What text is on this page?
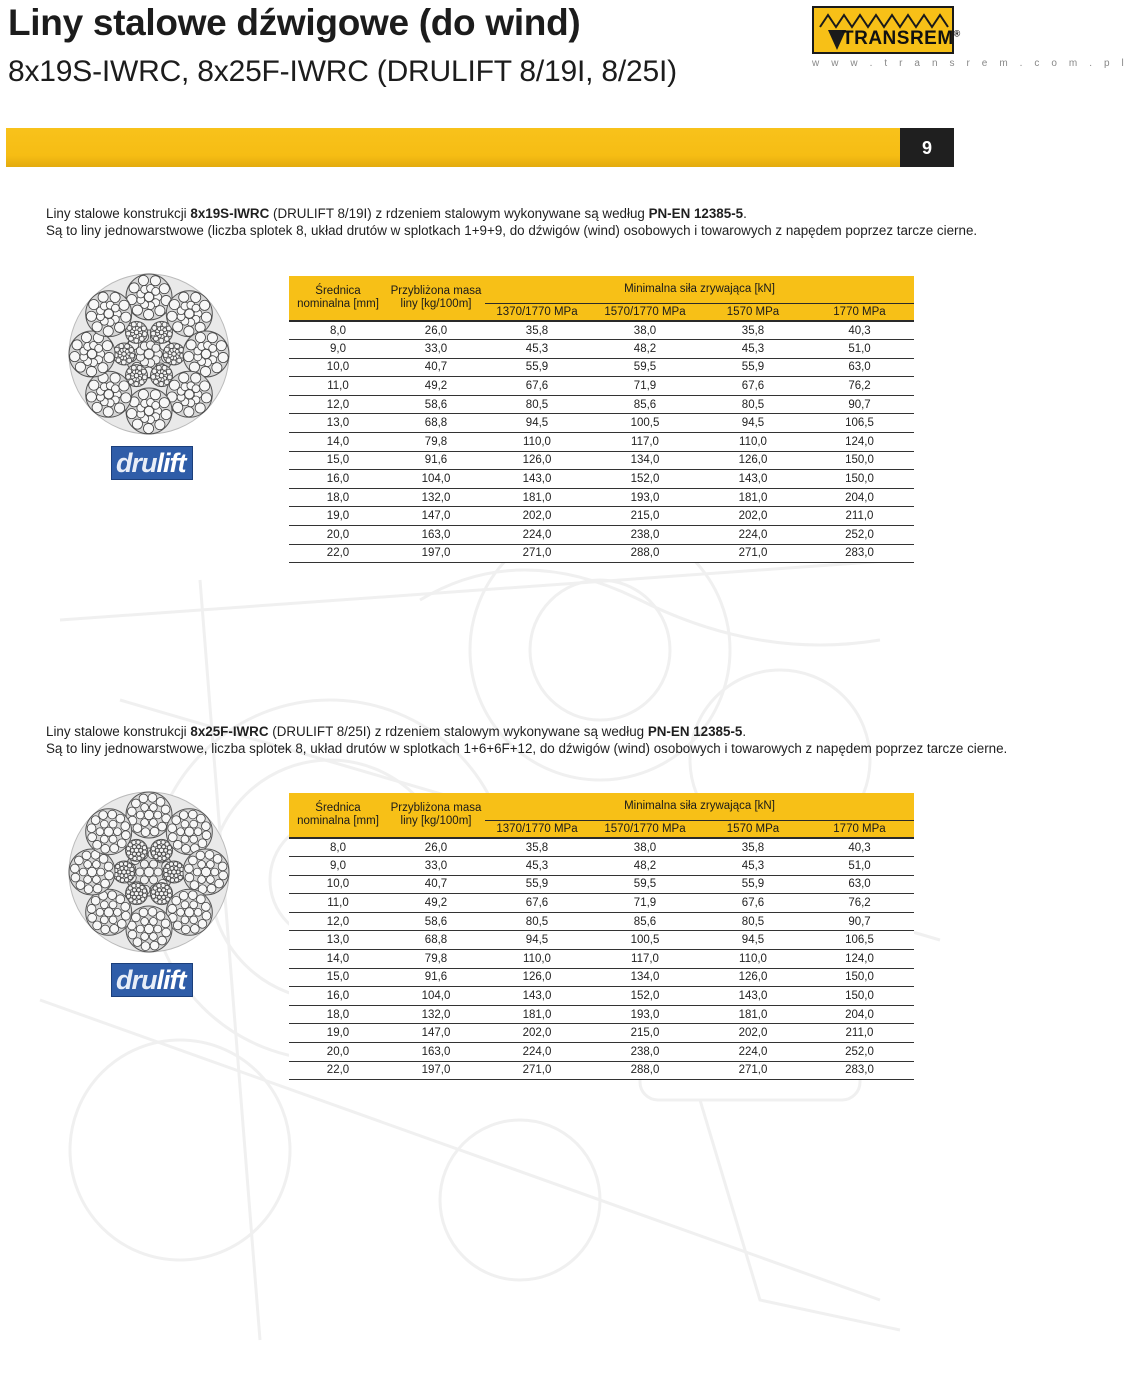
Liny stalowe dźwigowe (do wind)
8x19S-IWRC, 8x25F-IWRC (DRULIFT 8/19I, 8/25I)
TRANSREM®
w w w . t r a n s r e m . c o m . p l
9
Liny stalowe konstrukcji 8x19S-IWRC (DRULIFT 8/19I) z rdzeniem stalowym wykonywane są według PN-EN 12385-5.
Są to liny jednowarstwowe (liczba splotek 8, układ drutów w splotkach 1+9+9, do dźwigów (wind) osobowych i towarowych z napędem poprzez tarcze cierne.
drulift
Średnica nominalna [mm]	Przybliżona masa liny [kg/100m]	Minimalna siła zrywająca [kN]			
		1370/1770 MPa	1570/1770 MPa	1570 MPa	1770 MPa
8,0	26,0	35,8	38,0	35,8	40,3
9,0	33,0	45,3	48,2	45,3	51,0
10,0	40,7	55,9	59,5	55,9	63,0
11,0	49,2	67,6	71,9	67,6	76,2
12,0	58,6	80,5	85,6	80,5	90,7
13,0	68,8	94,5	100,5	94,5	106,5
14,0	79,8	110,0	117,0	110,0	124,0
15,0	91,6	126,0	134,0	126,0	150,0
16,0	104,0	143,0	152,0	143,0	150,0
18,0	132,0	181,0	193,0	181,0	204,0
19,0	147,0	202,0	215,0	202,0	211,0
20,0	163,0	224,0	238,0	224,0	252,0
22,0	197,0	271,0	288,0	271,0	283,0
Liny stalowe konstrukcji 8x25F-IWRC (DRULIFT 8/25I) z rdzeniem stalowym wykonywane są według PN-EN 12385-5.
Są to liny jednowarstwowe, liczba splotek 8, układ drutów w splotkach 1+6+6F+12, do dźwigów (wind) osobowych i towarowych z napędem poprzez tarcze cierne.
drulift
Średnica nominalna [mm]	Przybliżona masa liny [kg/100m]	Minimalna siła zrywająca [kN]			
		1370/1770 MPa	1570/1770 MPa	1570 MPa	1770 MPa
8,0	26,0	35,8	38,0	35,8	40,3
9,0	33,0	45,3	48,2	45,3	51,0
10,0	40,7	55,9	59,5	55,9	63,0
11,0	49,2	67,6	71,9	67,6	76,2
12,0	58,6	80,5	85,6	80,5	90,7
13,0	68,8	94,5	100,5	94,5	106,5
14,0	79,8	110,0	117,0	110,0	124,0
15,0	91,6	126,0	134,0	126,0	150,0
16,0	104,0	143,0	152,0	143,0	150,0
18,0	132,0	181,0	193,0	181,0	204,0
19,0	147,0	202,0	215,0	202,0	211,0
20,0	163,0	224,0	238,0	224,0	252,0
22,0	197,0	271,0	288,0	271,0	283,0
